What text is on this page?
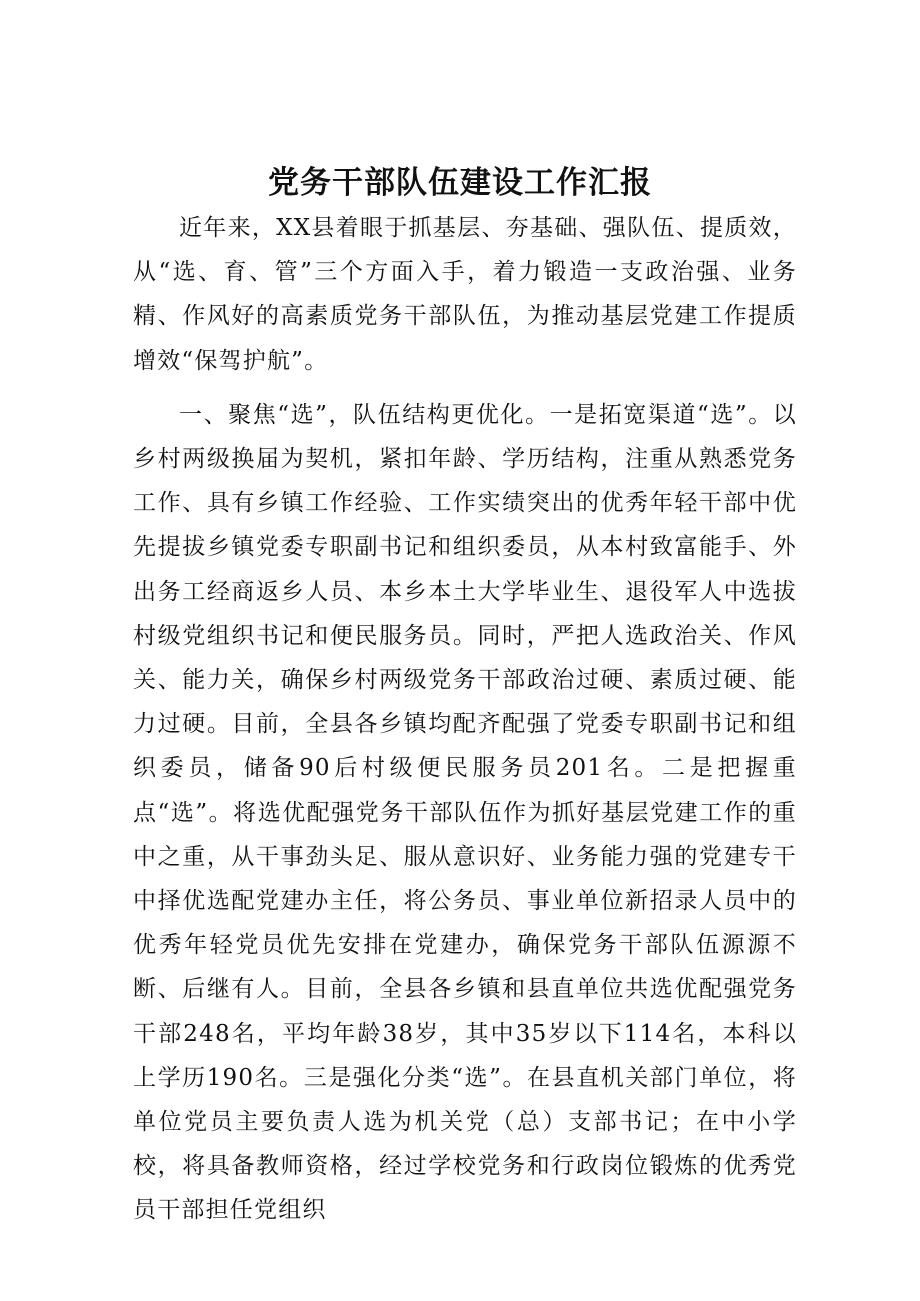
党务干部队伍建设工作汇报

近年来，XX县着眼于抓基层、夯基础、强队伍、提质效，从“选、育、管”三个方面入手，着力锻造一支政治强、业务精、作风好的高素质党务干部队伍，为推动基层党建工作提质增效“保驾护航”。

一、聚焦“选”，队伍结构更优化。一是拓宽渠道“选”。以乡村两级换届为契机，紧扣年龄、学历结构，注重从熟悉党务工作、具有乡镇工作经验、工作实绩突出的优秀年轻干部中优先提拔乡镇党委专职副书记和组织委员，从本村致富能手、外出务工经商返乡人员、本乡本土大学毕业生、退役军人中选拔村级党组织书记和便民服务员。同时，严把人选政治关、作风关、能力关，确保乡村两级党务干部政治过硬、素质过硬、能力过硬。目前，全县各乡镇均配齐配强了党委专职副书记和组织委员，储备90后村级便民服务员201名。二是把握重点“选”。将选优配强党务干部队伍作为抓好基层党建工作的重中之重，从干事劲头足、服从意识好、业务能力强的党建专干中择优选配党建办主任，将公务员、事业单位新招录人员中的优秀年轻党员优先安排在党建办，确保党务干部队伍源源不断、后继有人。目前，全县各乡镇和县直单位共选优配强党务干部248名，平均年龄38岁，其中35岁以下114名，本科以上学历190名。三是强化分类“选”。在县直机关部门单位，将单位党员主要负责人选为机关党（总）支部书记；在中小学校，将具备教师资格，经过学校党务和行政岗位锻炼的优秀党员干部担任党组织
